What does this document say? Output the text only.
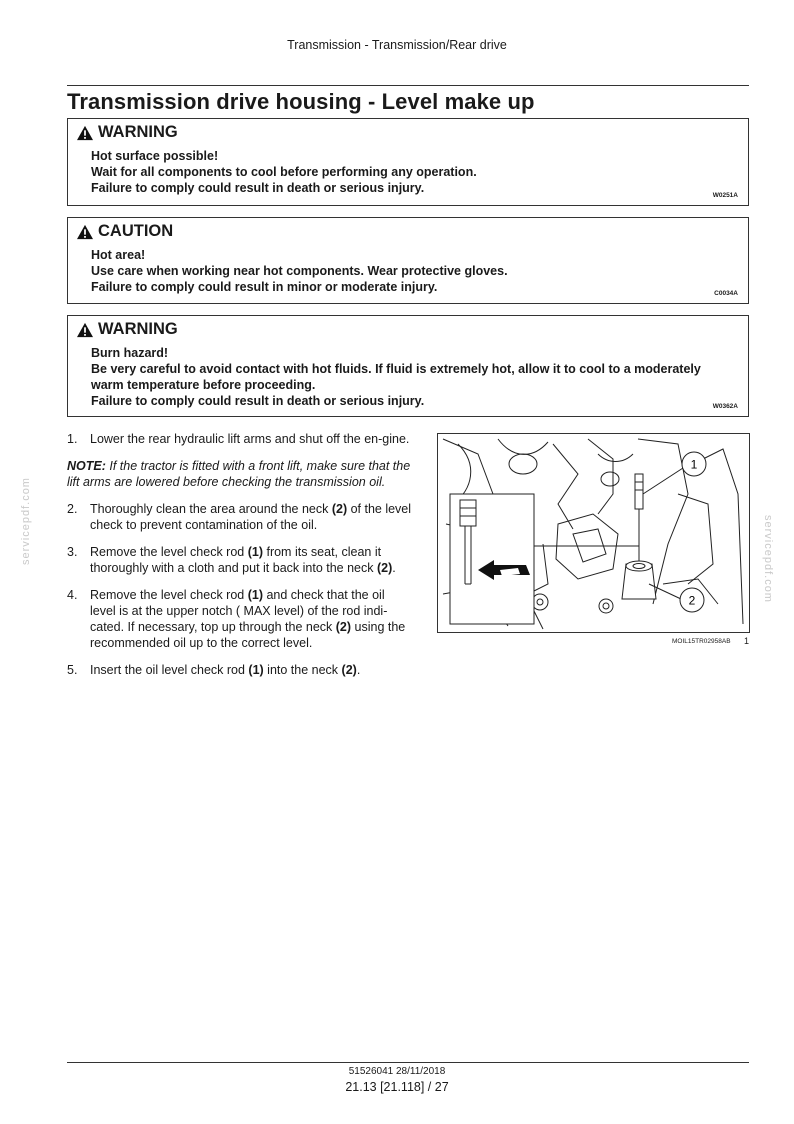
Transmission - Transmission/Rear drive
Transmission drive housing - Level make up
WARNING
Hot surface possible!
Wait for all components to cool before performing any operation.
Failure to comply could result in death or serious injury.
W0251A
CAUTION
Hot area!
Use care when working near hot components. Wear protective gloves.
Failure to comply could result in minor or moderate injury.	C0034A
WARNING
Burn hazard!
Be very careful to avoid contact with hot fluids. If fluid is extremely hot, allow it to cool to a moderately warm temperature before proceeding.
Failure to comply could result in death or serious injury.	W0362A
1.	Lower the rear hydraulic lift arms and shut off the en-gine.
NOTE: If the tractor is fitted with a front lift, make sure that the lift arms are lowered before checking the transmission oil.
2.	Thoroughly clean the area around the neck (2) of the level check to prevent contamination of the oil.
3.	Remove the level check rod (1) from its seat, clean it thoroughly with a cloth and put it back into the neck (2).
4.	Remove the level check rod (1) and check that the oil level is at the upper notch ( MAX level) of the rod indi-cated. If necessary, top up through the neck (2) using the recommended oil up to the correct level.
5.	Insert the oil level check rod (1) into the neck (2).
1
2
MOIL15TR02958AB 1
servicepdf.com	servicepdf.com
51526041 28/11/2018
21.13 [21.118] / 27
